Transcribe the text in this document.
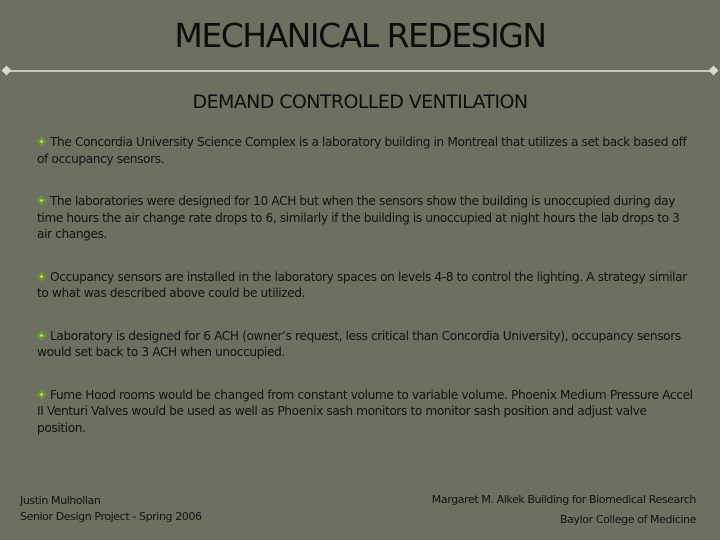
MECHANICAL REDESIGN
DEMAND CONTROLLED VENTILATION
The Concordia University Science Complex is a laboratory building in Montreal that utilizes a set back based off of occupancy sensors.
The laboratories were designed for 10 ACH but when the sensors show the building is unoccupied during day time hours the air change rate drops to 6, similarly if the building is unoccupied at night hours the lab drops to 3 air changes.
Occupancy sensors are installed in the laboratory spaces on levels 4-8 to control the lighting. A strategy similar to what was described above could be utilized.
Laboratory is designed for 6 ACH (owner’s request, less critical than Concordia University), occupancy sensors would set back to 3 ACH when unoccupied.
Fume Hood rooms would be changed from constant volume to variable volume. Phoenix Medium Pressure Accel II Venturi Valves would be used as well as Phoenix sash monitors to monitor sash position and adjust valve position.
Justin Mulhollan
Senior Design Project - Spring 2006
Margaret M. Alkek Building for Biomedical Research
Baylor College of Medicine
